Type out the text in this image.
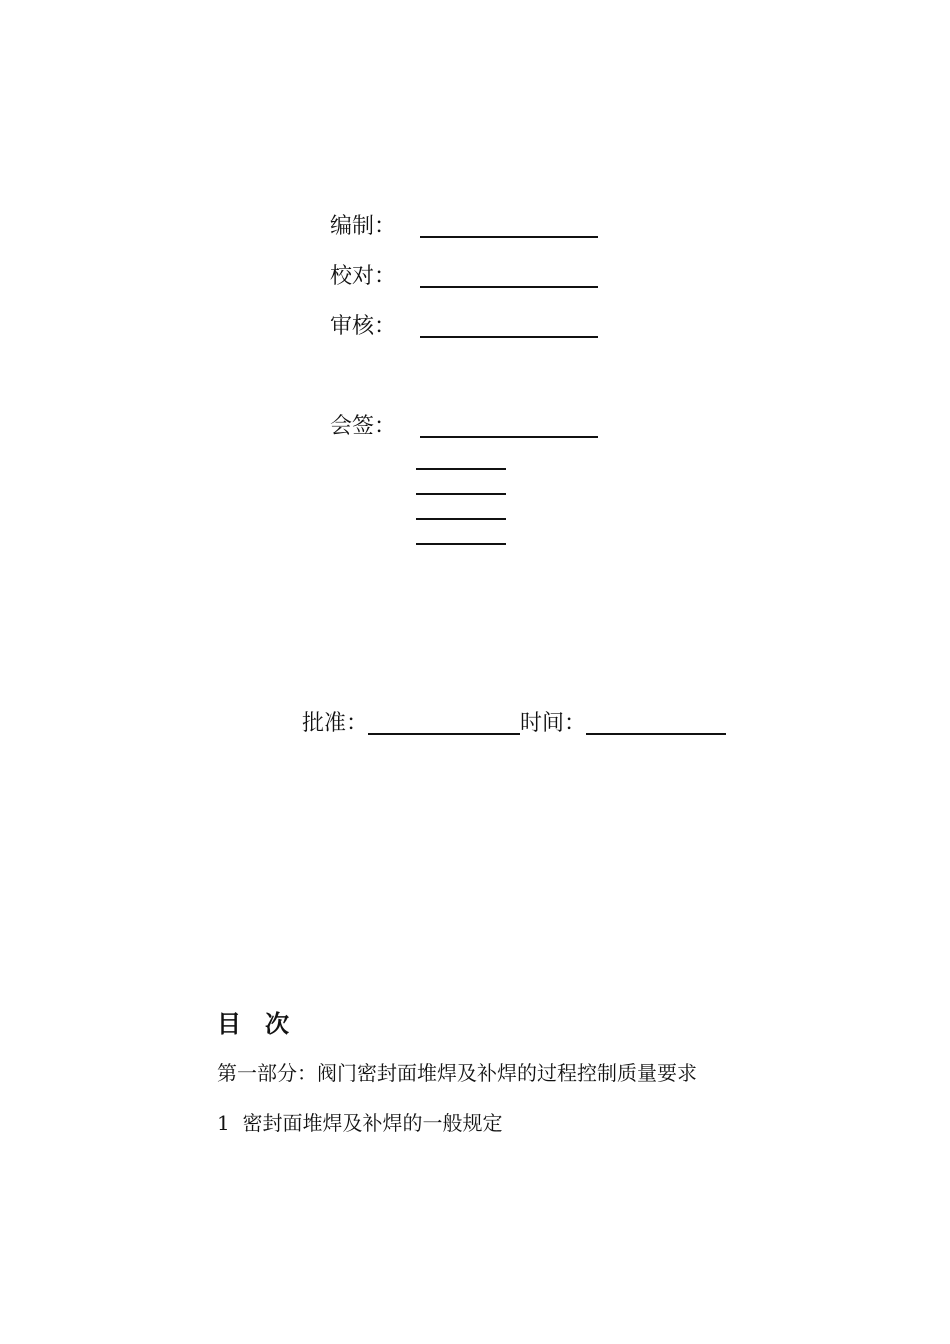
编制：
校对：
审核：
会签：
批准：	时间：
目次
第一部分：阀门密封面堆焊及补焊的过程控制质量要求
1  密封面堆焊及补焊的一般规定
